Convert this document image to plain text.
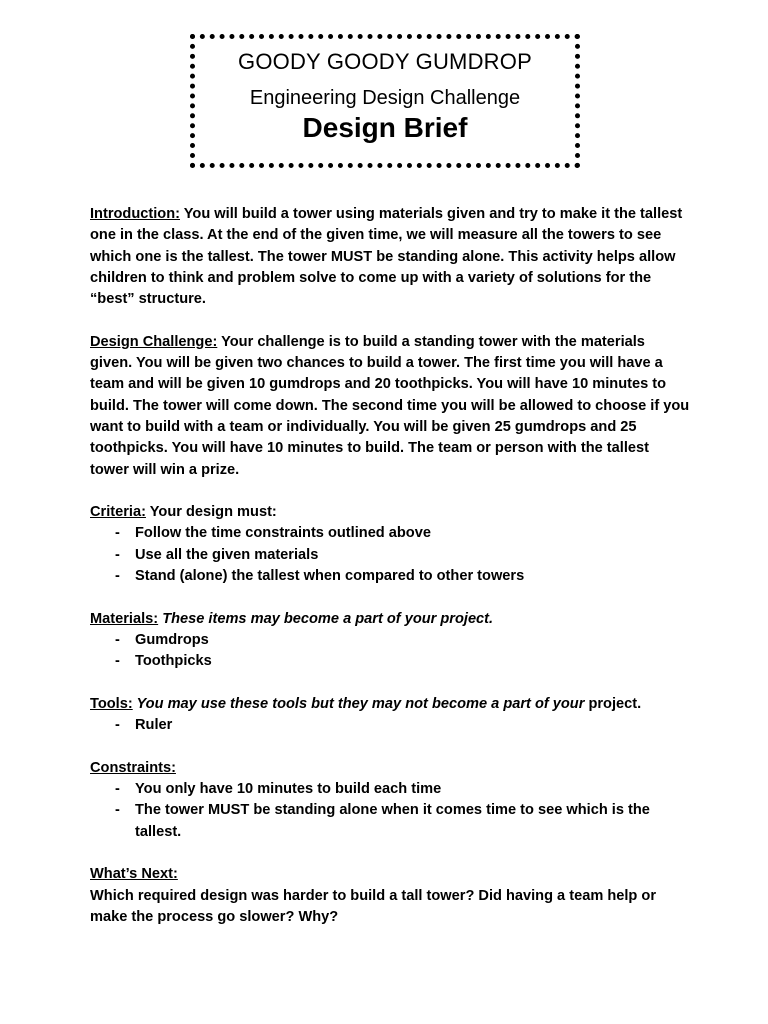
GOODY GOODY GUMDROP
Engineering Design Challenge
Design Brief

Introduction: You will build a tower using materials given and try to make it the tallest one in the class. At the end of the given time, we will measure all the towers to see which one is the tallest. The tower MUST be standing alone. This activity helps allow children to think and problem solve to come up with a variety of solutions for the “best” structure.

Design Challenge: Your challenge is to build a standing tower with the materials given. You will be given two chances to build a tower. The first time you will have a team and will be given 10 gumdrops and 20 toothpicks. You will have 10 minutes to build. The tower will come down. The second time you will be allowed to choose if you want to build with a team or individually. You will be given 25 gumdrops and 25 toothpicks. You will have 10 minutes to build. The team or person with the tallest tower will win a prize.

Criteria: Your design must:

- Follow the time constraints outlined above
- Use all the given materials
- Stand (alone) the tallest when compared to other towers

Materials: These items may become a part of your project.

- Gumdrops
- Toothpicks

Tools: You may use these tools but they may not become a part of your project.

- Ruler

Constraints:

- You only have 10 minutes to build each time
- The tower MUST be standing alone when it comes time to see which is the tallest.

What’s Next:

Which required design was harder to build a tall tower? Did having a team help or make the process go slower? Why?
